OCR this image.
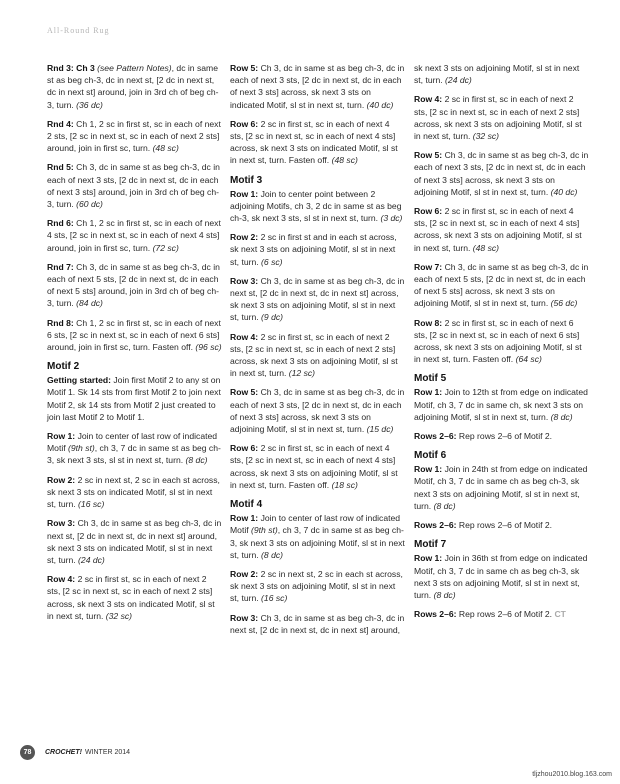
All-Round Rug

Rnd 3: Ch 3 (see Pattern Notes), dc in same st as beg ch-3, dc in next st, [2 dc in next st, dc in next st] around, join in 3rd ch of beg ch-3, turn. (36 dc)

Rnd 4: Ch 1, 2 sc in first st, sc in each of next 2 sts, [2 sc in next st, sc in each of next 2 sts] around, join in first sc, turn. (48 sc)

Rnd 5: Ch 3, dc in same st as beg ch-3, dc in each of next 3 sts, [2 dc in next st, dc in each of next 3 sts] around, join in 3rd ch of beg ch-3, turn. (60 dc)

Rnd 6: Ch 1, 2 sc in first st, sc in each of next 4 sts, [2 sc in next st, sc in each of next 4 sts] around, join in first sc, turn. (72 sc)

Rnd 7: Ch 3, dc in same st as beg ch-3, dc in each of next 5 sts, [2 dc in next st, dc in each of next 5 sts] around, join in 3rd ch of beg ch-3, turn. (84 dc)

Rnd 8: Ch 1, 2 sc in first st, sc in each of next 6 sts, [2 sc in next st, sc in each of next 6 sts] around, join in first sc, turn. Fasten off. (96 sc)

Motif 2

Getting started: Join first Motif 2 to any st on Motif 1. Sk 14 sts from first Motif 2 to join next Motif 2, sk 14 sts from Motif 2 just created to join last Motif 2 to Motif 1.

Row 1: Join to center of last row of indicated Motif (9th st), ch 3, 7 dc in same st as beg ch-3, sk next 3 sts, sl st in next st, turn. (8 dc)

Row 2: 2 sc in next st, 2 sc in each st across, sk next 3 sts on indicated Motif, sl st in next st, turn. (16 sc)

Row 3: Ch 3, dc in same st as beg ch-3, dc in next st, [2 dc in next st, dc in next st] around, sk next 3 sts on indicated Motif, sl st in next st, turn. (24 dc)

Row 4: 2 sc in first st, sc in each of next 2 sts, [2 sc in next st, sc in each of next 2 sts] across, sk next 3 sts on indicated Motif, sl st in next st, turn. (32 sc)

Row 5: Ch 3, dc in same st as beg ch-3, dc in each of next 3 sts, [2 dc in next st, dc in each of next 3 sts] across, sk next 3 sts on indicated Motif, sl st in next st, turn. (40 dc)

Row 6: 2 sc in first st, sc in each of next 4 sts, [2 sc in next st, sc in each of next 4 sts] across, sk next 3 sts on indicated Motif, sl st in next st, turn. Fasten off. (48 sc)

Motif 3

Row 1: Join to center point between 2 adjoining Motifs, ch 3, 2 dc in same st as beg ch-3, sk next 3 sts, sl st in next st, turn. (3 dc)

Row 2: 2 sc in first st and in each st across, sk next 3 sts on adjoining Motif, sl st in next st, turn. (6 sc)

Row 3: Ch 3, dc in same st as beg ch-3, dc in next st, [2 dc in next st, dc in next st] across, sk next 3 sts on adjoining Motif, sl st in next st, turn. (9 dc)

Row 4: 2 sc in first st, sc in each of next 2 sts, [2 sc in next st, sc in each of next 2 sts] across, sk next 3 sts on adjoining Motif, sl st in next st, turn. (12 sc)

Row 5: Ch 3, dc in same st as beg ch-3, dc in each of next 3 sts, [2 dc in next st, dc in each of next 3 sts] across, sk next 3 sts on adjoining Motif, sl st in next st, turn. (15 dc)

Row 6: 2 sc in first st, sc in each of next 4 sts, [2 sc in next st, sc in each of next 4 sts] across, sk next 3 sts on adjoining Motif, sl st in next st, turn. Fasten off. (18 sc)

Motif 4

Row 1: Join to center of last row of indicated Motif (9th st), ch 3, 7 dc in same st as beg ch-3, sk next 3 sts on adjoining Motif, sl st in next st, turn. (8 dc)

Row 2: 2 sc in next st, 2 sc in each st across, sk next 3 sts on adjoining Motif, sl st in next st, turn. (16 sc)

Row 3: Ch 3, dc in same st as beg ch-3, dc in next st, [2 dc in next st, dc in next st] around,

sk next 3 sts on adjoining Motif, sl st in next st, turn. (24 dc)

Row 4: 2 sc in first st, sc in each of next 2 sts, [2 sc in next st, sc in each of next 2 sts] across, sk next 3 sts on adjoining Motif, sl st in next st, turn. (32 sc)

Row 5: Ch 3, dc in same st as beg ch-3, dc in each of next 3 sts, [2 dc in next st, dc in each of next 3 sts] across, sk next 3 sts on adjoining Motif, sl st in next st, turn. (40 dc)

Row 6: 2 sc in first st, sc in each of next 4 sts, [2 sc in next st, sc in each of next 4 sts] across, sk next 3 sts on adjoining Motif, sl st in next st, turn. (48 sc)

Row 7: Ch 3, dc in same st as beg ch-3, dc in each of next 5 sts, [2 dc in next st, dc in each of next 5 sts] across, sk next 3 sts on adjoining Motif, sl st in next st, turn. (56 dc)

Row 8: 2 sc in first st, sc in each of next 6 sts, [2 sc in next st, sc in each of next 6 sts] across, sk next 3 sts on adjoining Motif, sl st in next st, turn. Fasten off. (64 sc)

Motif 5

Row 1: Join to 12th st from edge on indicated Motif, ch 3, 7 dc in same ch, sk next 3 sts on adjoining Motif, sl st in next st, turn. (8 dc)

Rows 2–6: Rep rows 2–6 of Motif 2.

Motif 6

Row 1: Join in 24th st from edge on indicated Motif, ch 3, 7 dc in same ch as beg ch-3, sk next 3 sts on adjoining Motif, sl st in next st, turn. (8 dc)

Rows 2–6: Rep rows 2–6 of Motif 2.

Motif 7

Row 1: Join in 36th st from edge on indicated Motif, ch 3, 7 dc in same ch as beg ch-3, sk next 3 sts on adjoining Motif, sl st in next st, turn. (8 dc)

Rows 2–6: Rep rows 2–6 of Motif 2. CT

78	CROCHET! WINTER 2014
tljzhou2010.blog.163.com
